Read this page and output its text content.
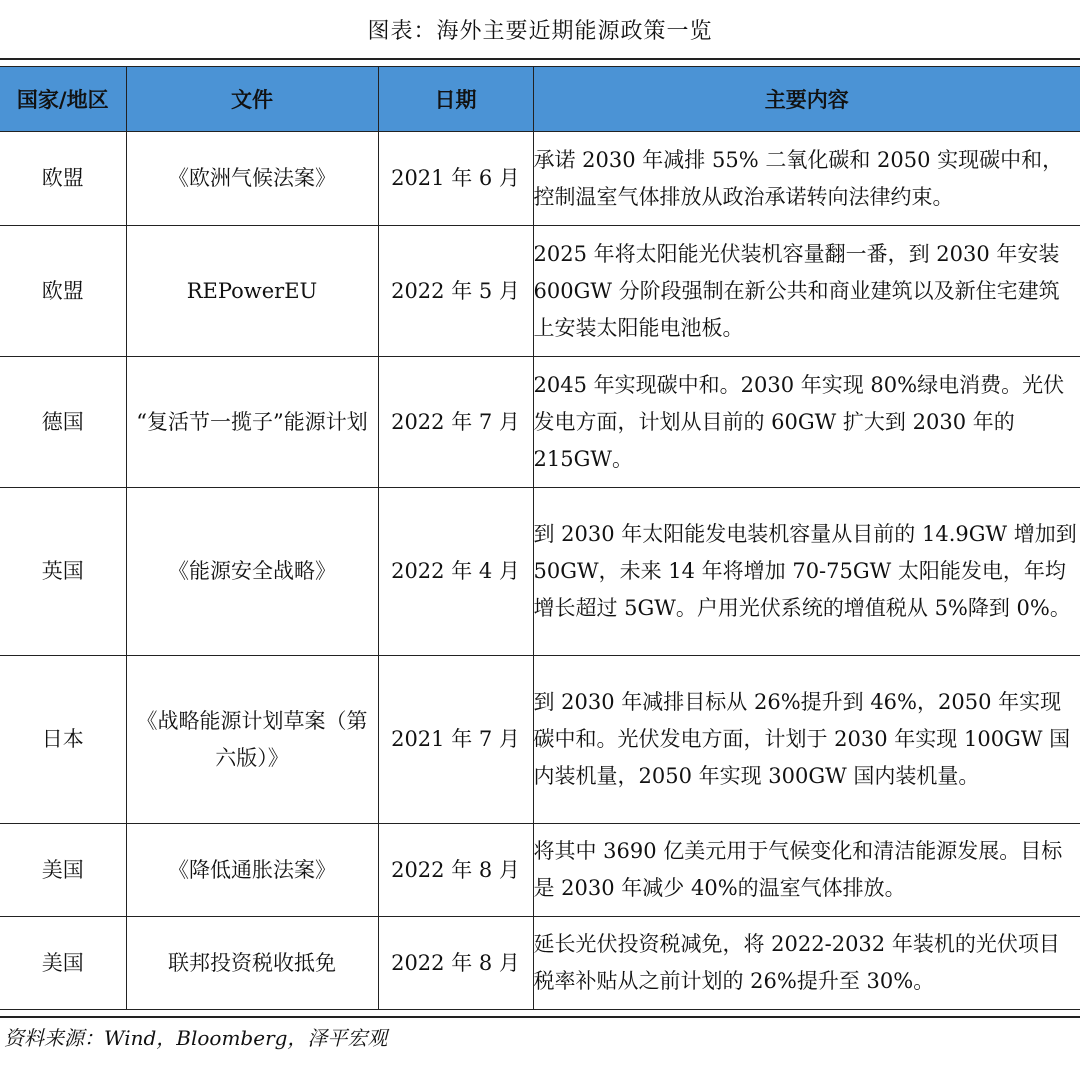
图表：海外主要近期能源政策一览
国家/地区	文件	日期	主要内容
欧盟	《欧洲气候法案》	2021 年 6 月	承诺 2030 年减排 55% 二氧化碳和 2050 实现碳中和，控制温室气体排放从政治承诺转向法律约束。
欧盟	REPowerEU	2022 年 5 月	2025 年将太阳能光伏装机容量翻一番，到 2030 年安装 600GW 分阶段强制在新公共和商业建筑以及新住宅建筑上安装太阳能电池板。
德国	“复活节一揽子”能源计划	2022 年 7 月	2045 年实现碳中和。2030 年实现 80%绿电消费。光伏发电方面，计划从目前的 60GW 扩大到 2030 年的 215GW。
英国	《能源安全战略》	2022 年 4 月	到 2030 年太阳能发电装机容量从目前的 14.9GW 增加到 50GW，未来 14 年将增加 70-75GW 太阳能发电，年均增长超过 5GW。户用光伏系统的增值税从 5%降到 0%。
日本	《战略能源计划草案（第六版）》	2021 年 7 月	到 2030 年减排目标从 26%提升到 46%，2050 年实现碳中和。光伏发电方面，计划于 2030 年实现 100GW 国内装机量，2050 年实现 300GW 国内装机量。
美国	《降低通胀法案》	2022 年 8 月	将其中 3690 亿美元用于气候变化和清洁能源发展。目标是 2030 年减少 40%的温室气体排放。
美国	联邦投资税收抵免	2022 年 8 月	延长光伏投资税减免，将 2022-2032 年装机的光伏项目税率补贴从之前计划的 26%提升至 30%。
资料来源：Wind，Bloomberg，泽平宏观
